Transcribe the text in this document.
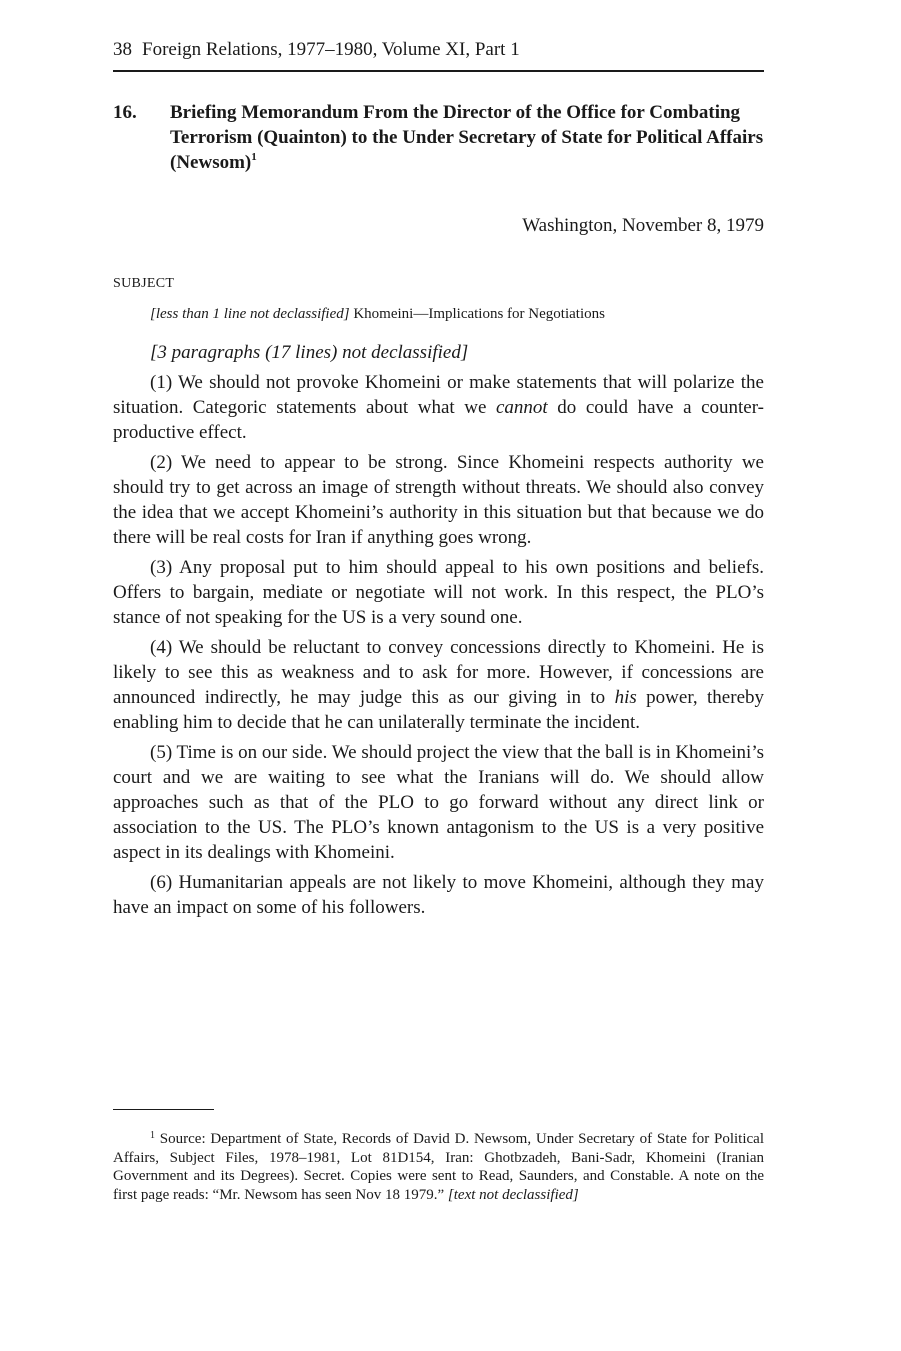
38 Foreign Relations, 1977–1980, Volume XI, Part 1
16. Briefing Memorandum From the Director of the Office for Combating Terrorism (Quainton) to the Under Secretary of State for Political Affairs (Newsom)$^1$
Washington, November 8, 1979
SUBJECT
[less than 1 line not declassified] Khomeini—Implications for Negotiations

[3 paragraphs (17 lines) not declassified]

(1) We should not provoke Khomeini or make statements that will polarize the situation. Categoric statements about what we cannot do could have a counter-productive effect.

(2) We need to appear to be strong. Since Khomeini respects authority we should try to get across an image of strength without threats. We should also convey the idea that we accept Khomeini’s authority in this situation but that because we do there will be real costs for Iran if anything goes wrong.

(3) Any proposal put to him should appeal to his own positions and beliefs. Offers to bargain, mediate or negotiate will not work. In this respect, the PLO’s stance of not speaking for the US is a very sound one.

(4) We should be reluctant to convey concessions directly to Khomeini. He is likely to see this as weakness and to ask for more. However, if concessions are announced indirectly, he may judge this as our giving in to his power, thereby enabling him to decide that he can unilaterally terminate the incident.

(5) Time is on our side. We should project the view that the ball is in Khomeini’s court and we are waiting to see what the Iranians will do. We should allow approaches such as that of the PLO to go forward without any direct link or association to the US. The PLO’s known antagonism to the US is a very positive aspect in its dealings with Khomeini.

(6) Humanitarian appeals are not likely to move Khomeini, although they may have an impact on some of his followers.

$^1$ Source: Department of State, Records of David D. Newsom, Under Secretary of State for Political Affairs, Subject Files, 1978–1981, Lot 81D154, Iran: Ghotbzadeh, Bani-Sadr, Khomeini (Iranian Government and its Degrees). Secret. Copies were sent to Read, Saunders, and Constable. A note on the first page reads: “Mr. Newsom has seen Nov 18 1979.” [text not declassified]
